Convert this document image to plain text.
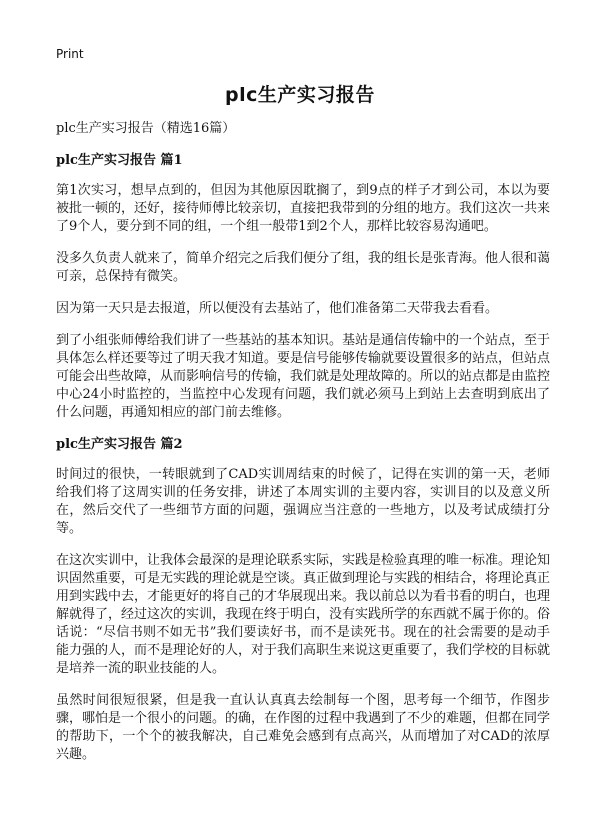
Print
plc生产实习报告

plc生产实习报告（精选16篇）

plc生产实习报告 篇1

第1次实习，想早点到的，但因为其他原因耽搁了，到9点的样子才到公司，本以为要被批一顿的，还好，接待师傅比较亲切，直接把我带到的分组的地方。我们这次一共来了9个人，要分到不同的组，一个组一般带1到2个人，那样比较容易沟通吧。

没多久负责人就来了，简单介绍完之后我们便分了组，我的组长是张青海。他人很和蔼可亲，总保持有微笑。

因为第一天只是去报道，所以便没有去基站了，他们准备第二天带我去看看。

到了小组张师傅给我们讲了一些基站的基本知识。基站是通信传输中的一个站点，至于具体怎么样还要等过了明天我才知道。要是信号能够传输就要设置很多的站点，但站点可能会出些故障，从而影响信号的传输，我们就是处理故障的。所以的站点都是由监控中心24小时监控的，当监控中心发现有问题，我们就必须马上到站上去查明到底出了什么问题，再通知相应的部门前去维修。

plc生产实习报告 篇2

时间过的很快，一转眼就到了CAD实训周结束的时候了，记得在实训的第一天，老师给我们将了这周实训的任务安排，讲述了本周实训的主要内容，实训目的以及意义所在，然后交代了一些细节方面的问题，强调应当注意的一些地方，以及考试成绩打分等。

在这次实训中，让我体会最深的是理论联系实际，实践是检验真理的唯一标准。理论知识固然重要，可是无实践的理论就是空谈。真正做到理论与实践的相结合，将理论真正用到实践中去，才能更好的将自己的才华展现出来。我以前总以为看书看的明白，也理解就得了，经过这次的实训，我现在终于明白，没有实践所学的东西就不属于你的。俗话说：“尽信书则不如无书”我们要读好书，而不是读死书。现在的社会需要的是动手能力强的人，而不是理论好的人，对于我们高职生来说这更重要了，我们学校的目标就是培养一流的职业技能的人。

虽然时间很短很紧，但是我一直认认真真去绘制每一个图，思考每一个细节，作图步骤，哪怕是一个很小的问题。的确，在作图的过程中我遇到了不少的难题，但都在同学的帮助下，一个个的被我解决，自己难免会感到有点高兴，从而增加了对CAD的浓厚兴趣。
